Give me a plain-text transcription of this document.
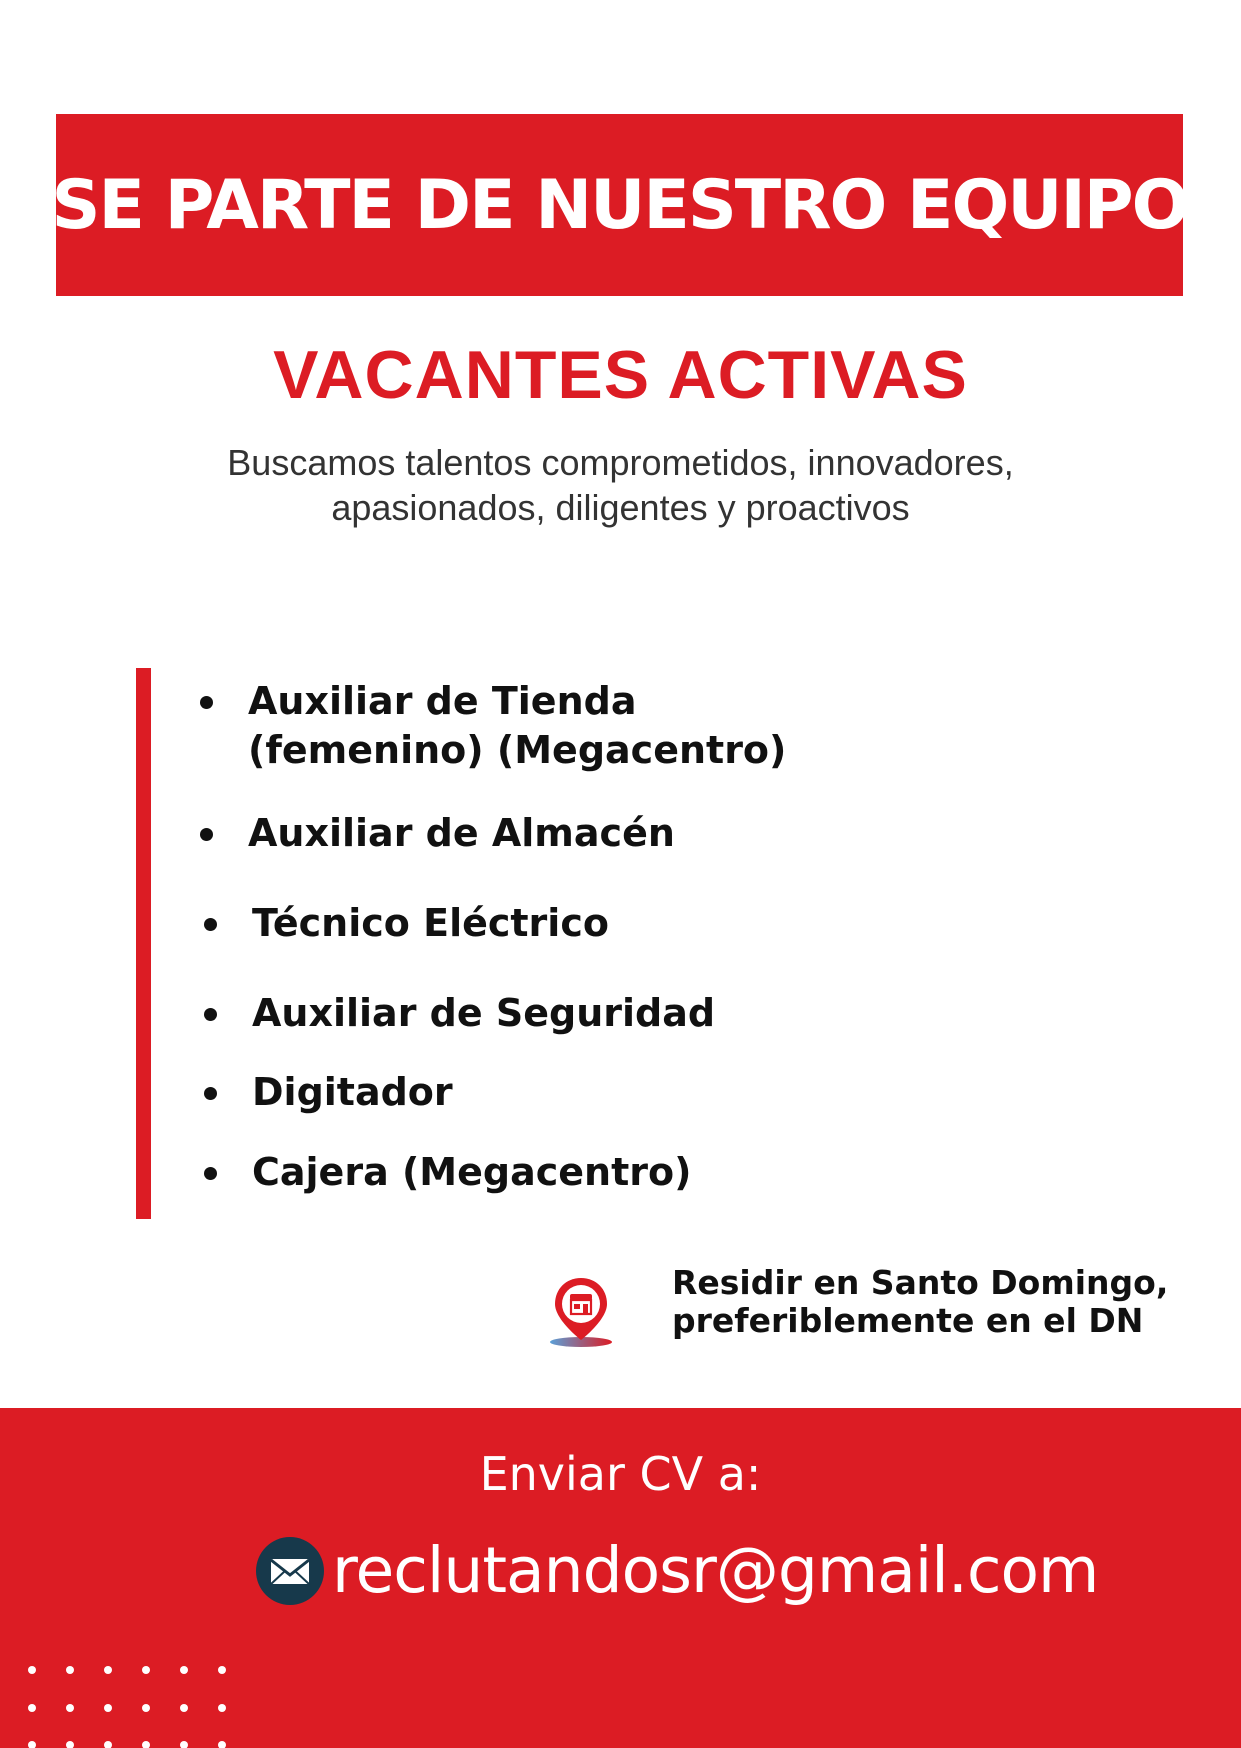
SE PARTE DE NUESTRO EQUIPO
VACANTES ACTIVAS
Buscamos talentos comprometidos, innovadores,
apasionados, diligentes y proactivos
Auxiliar de Tienda
(femenino) (Megacentro)
Auxiliar de Almacén
Técnico Eléctrico
Auxiliar de Seguridad
Digitador
Cajera (Megacentro)
Residir en Santo Domingo,
preferiblemente en el DN
Enviar CV a:
reclutandosr@gmail.com
